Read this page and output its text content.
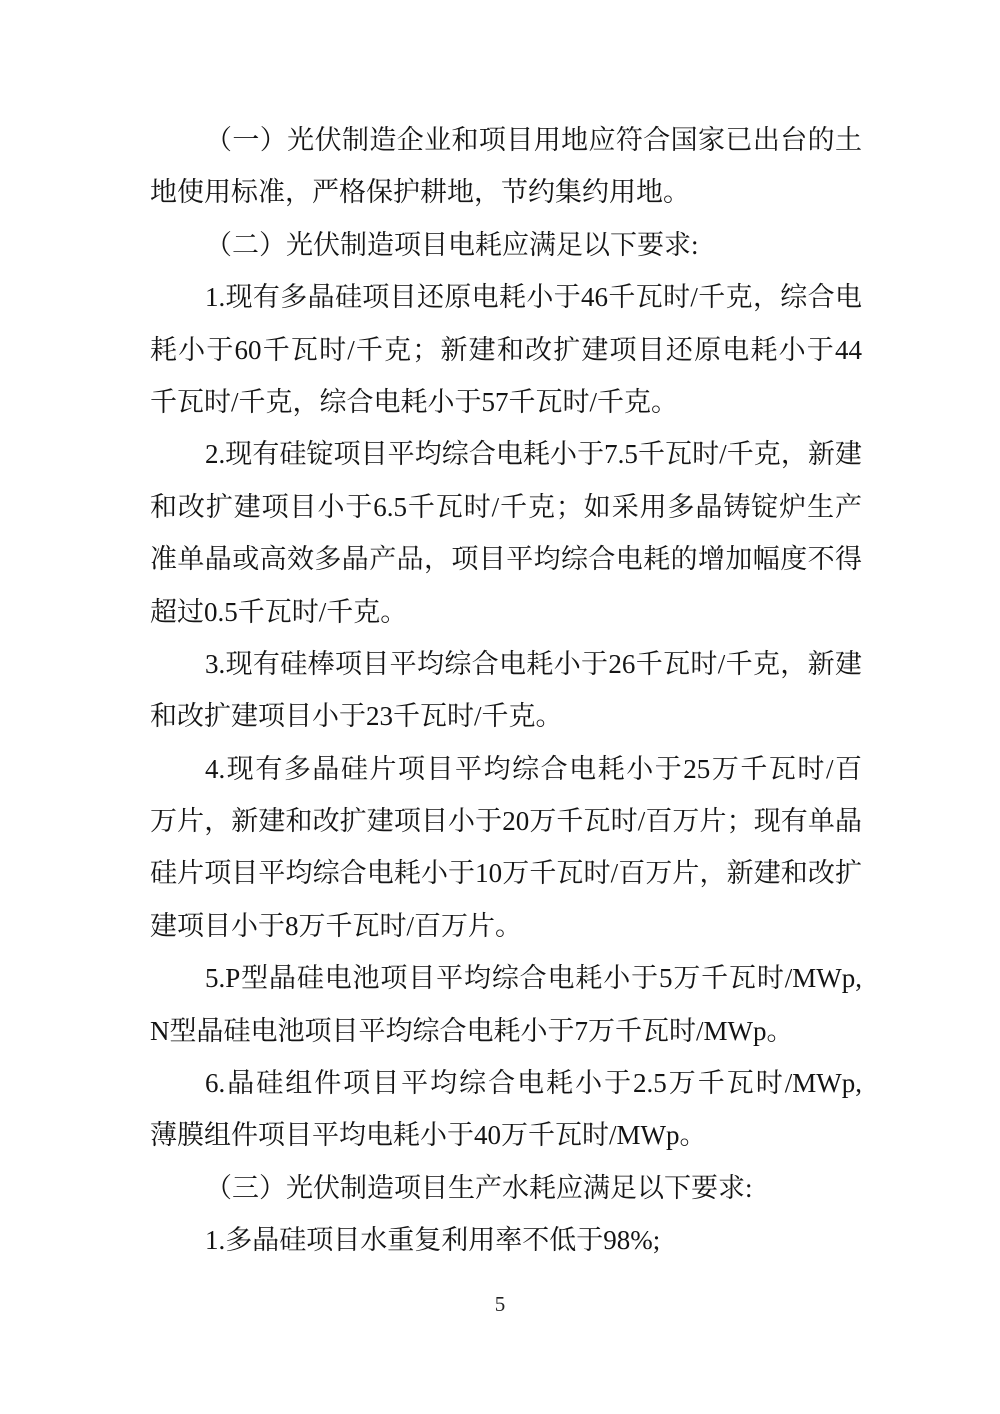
（一）光伏制造企业和项目用地应符合国家已出台的土
地使用标准，严格保护耕地，节约集约用地。
（二）光伏制造项目电耗应满足以下要求:
1.现有多晶硅项目还原电耗小于46千瓦时/千克，综合电
耗小于60千瓦时/千克；新建和改扩建项目还原电耗小于44
千瓦时/千克，综合电耗小于57千瓦时/千克。
2.现有硅锭项目平均综合电耗小于7.5千瓦时/千克，新建
和改扩建项目小于6.5千瓦时/千克；如采用多晶铸锭炉生产
准单晶或高效多晶产品，项目平均综合电耗的增加幅度不得
超过0.5千瓦时/千克。
3.现有硅棒项目平均综合电耗小于26千瓦时/千克，新建
和改扩建项目小于23千瓦时/千克。
4.现有多晶硅片项目平均综合电耗小于25万千瓦时/百
万片，新建和改扩建项目小于20万千瓦时/百万片；现有单晶
硅片项目平均综合电耗小于10万千瓦时/百万片，新建和改扩
建项目小于8万千瓦时/百万片。
5.P型晶硅电池项目平均综合电耗小于5万千瓦时/MWp,
N型晶硅电池项目平均综合电耗小于7万千瓦时/MWp。
6.晶硅组件项目平均综合电耗小于2.5万千瓦时/MWp,
薄膜组件项目平均电耗小于40万千瓦时/MWp。
（三）光伏制造项目生产水耗应满足以下要求:
1.多晶硅项目水重复利用率不低于98%;
5
